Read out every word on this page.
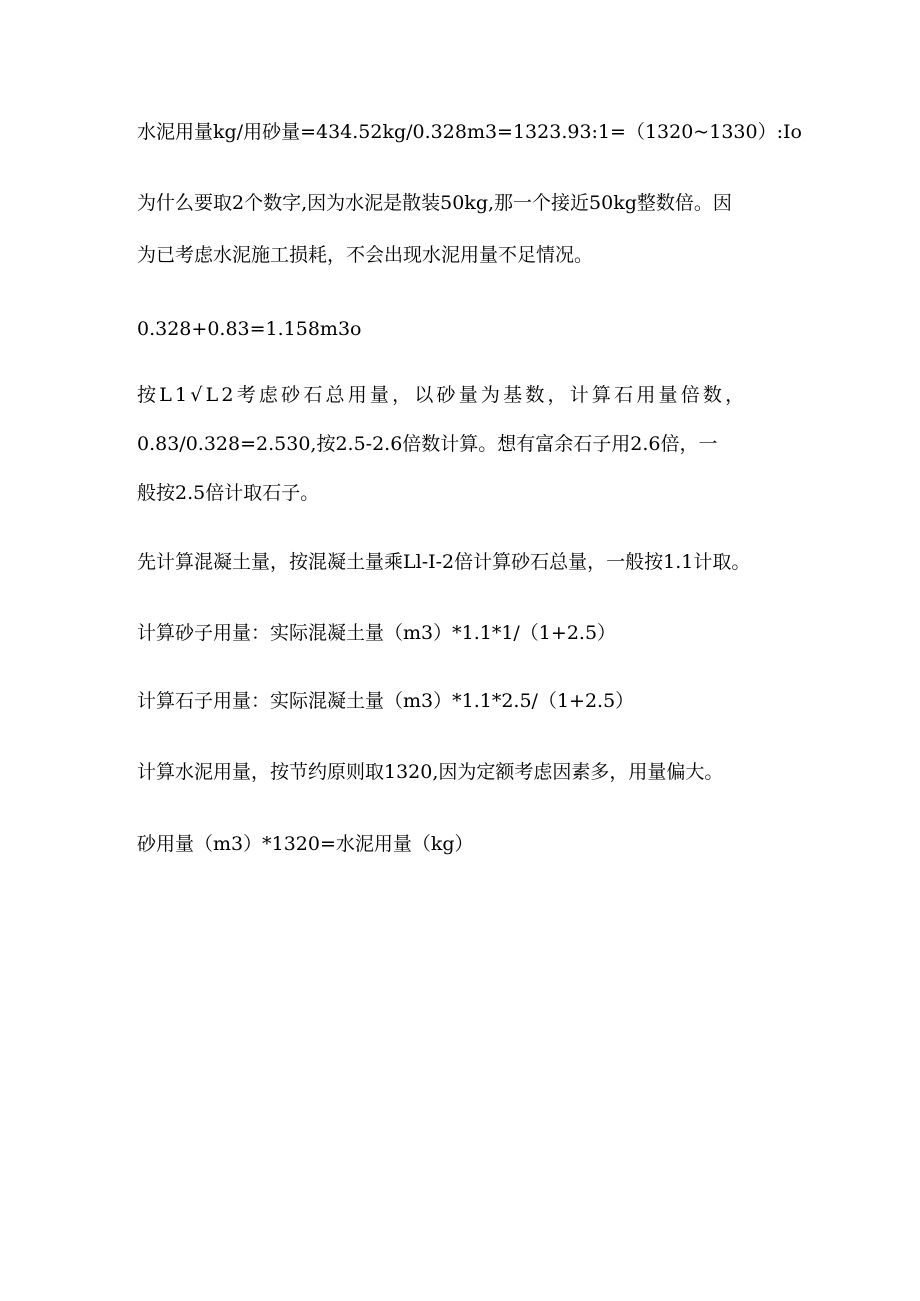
水泥用量kg/用砂量=434.52kg/0.328m3=1323.93:1=（1320~1330）:Io
为什么要取2个数字,因为水泥是散装50kg,那一个接近50kg整数倍。因
为已考虑水泥施工损耗，不会出现水泥用量不足情况。
0.328+0.83=1.158m3o
按L1√L2考虑砂石总用量，以砂量为基数，计算石用量倍数，
0.83/0.328=2.530,按2.5-2.6倍数计算。想有富余石子用2.6倍，一
般按2.5倍计取石子。
先计算混凝土量，按混凝土量乘Ll-I-2倍计算砂石总量，一般按1.1计取。
计算砂子用量：实际混凝土量（m3）*1.1*1/（1+2.5）
计算石子用量：实际混凝土量（m3）*1.1*2.5/（1+2.5）
计算水泥用量，按节约原则取1320,因为定额考虑因素多，用量偏大。
砂用量（m3）*1320=水泥用量（kg）
